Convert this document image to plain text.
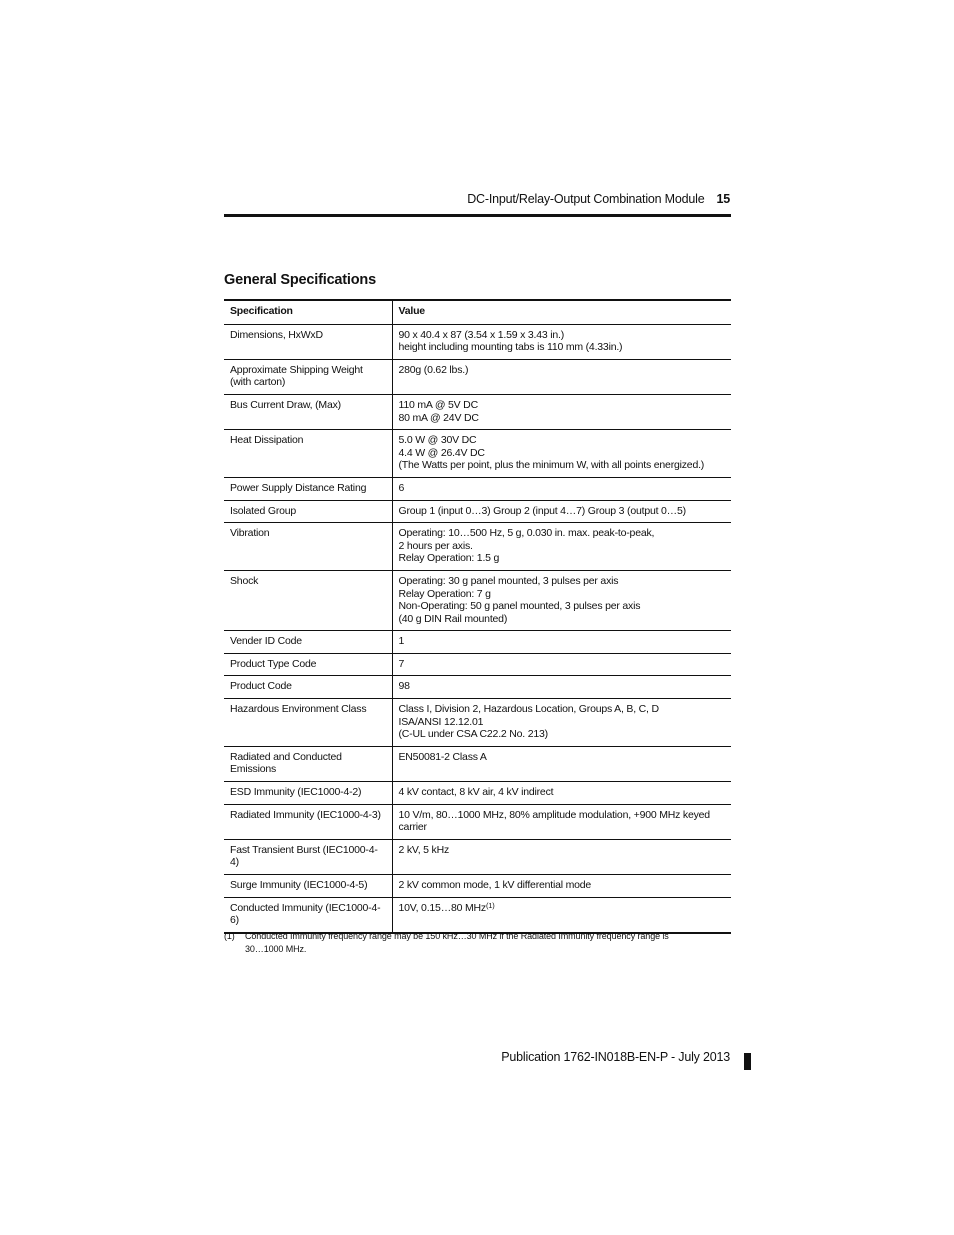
DC-Input/Relay-Output Combination Module 15
General Specifications
Specification	Value
Dimensions, HxWxD	90 x 40.4 x 87 (3.54 x 1.59 x 3.43 in.)
height including mounting tabs is 110 mm (4.33in.)
Approximate Shipping Weight
(with carton)	280g (0.62 lbs.)
Bus Current Draw, (Max)	110 mA @ 5V DC
80 mA @ 24V DC
Heat Dissipation	5.0 W @ 30V DC
4.4 W @ 26.4V DC
(The Watts per point, plus the minimum W, with all points energized.)
Power Supply Distance Rating	6
Isolated Group	Group 1 (input 0…3) Group 2 (input 4…7) Group 3 (output 0…5)
Vibration	Operating: 10…500 Hz, 5 g, 0.030 in. max. peak-to-peak,
2 hours per axis.
Relay Operation: 1.5 g
Shock	Operating: 30 g panel mounted, 3 pulses per axis
Relay Operation: 7 g
Non-Operating: 50 g panel mounted, 3 pulses per axis
(40 g DIN Rail mounted)
Vender ID Code	1
Product Type Code	7
Product Code	98
Hazardous Environment Class	Class I, Division 2, Hazardous Location, Groups A, B, C, D
ISA/ANSI 12.12.01
(C-UL under CSA C22.2 No. 213)
Radiated and Conducted
Emissions	EN50081-2 Class A
ESD Immunity (IEC1000-4-2)	4 kV contact, 8 kV air, 4 kV indirect
Radiated Immunity (IEC1000-4-3)	10 V/m, 80…1000 MHz, 80% amplitude modulation, +900 MHz keyed
carrier
Fast Transient Burst (IEC1000-4-4)	2 kV, 5 kHz
Surge Immunity (IEC1000-4-5)	2 kV common mode, 1 kV differential mode
Conducted Immunity (IEC1000-4-6)	10V, 0.15…80 MHz$^{(1)}$
(1) Conducted Immunity frequency range may be 150 kHz…30 MHz if the Radiated Immunity frequency range is
30…1000 MHz.
Publication 1762-IN018B-EN-P - July 2013
